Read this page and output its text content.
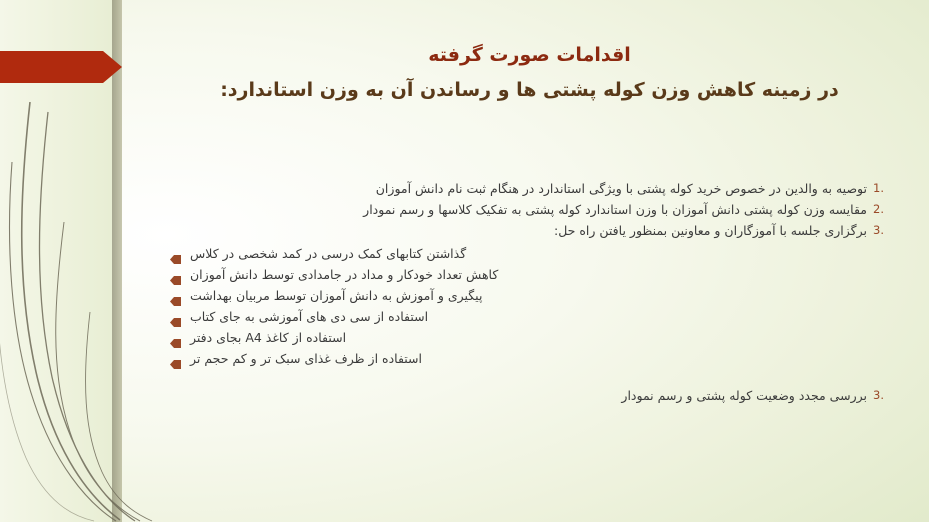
اقدامات صورت گرفته
در زمینه کاهش وزن کوله پشتی ها و رساندن آن به وزن استاندارد:
1.
توصیه به والدین در خصوص خرید کوله پشتی با ویژگی استاندارد در هنگام ثبت نام دانش آموزان
2.
مقایسه وزن کوله پشتی دانش آموزان با وزن استاندارد کوله پشتی به تفکیک کلاسها و رسم نمودار
3.
برگزاری جلسه با آموزگاران و معاونین بمنظور یافتن راه حل:
گذاشتن کتابهای کمک درسی در کمد شخصی در کلاس
کاهش تعداد خودکار و مداد در جامدادی توسط دانش آموزان
پیگیری و آموزش به دانش آموزان توسط مربیان بهداشت
استفاده از سی دی های آموزشی به جای کتاب
استفاده از کاغذ A4 بجای دفتر
استفاده از ظرف غذای سبک تر و کم حجم تر
3.
بررسی مجدد وضعیت کوله پشتی و رسم نمودار
